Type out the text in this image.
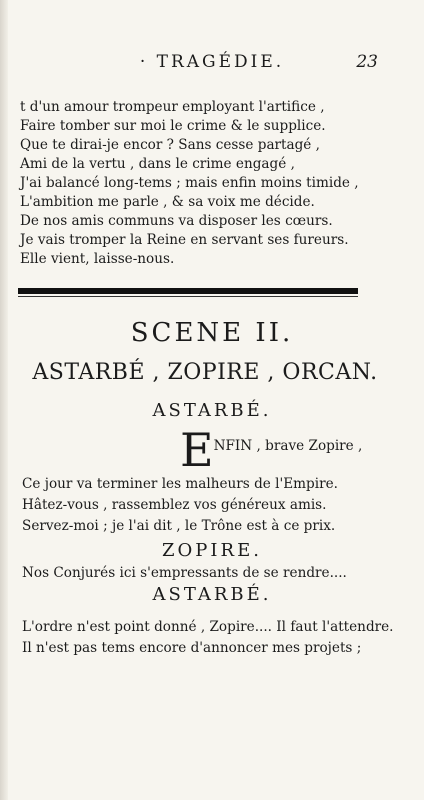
· TRAGÉDIE.	23
t d'un amour trompeur employant l'artifice ,
Faire tomber sur moi le crime & le supplice.
Que te dirai-je encor ? Sans cesse partagé ,
Ami de la vertu , dans le crime engagé ,
J'ai balancé long-tems ; mais enfin moins timide ,
L'ambition me parle , & sa voix me décide.
De nos amis communs va disposer les cœurs.
Je vais tromper la Reine en servant ses fureurs.
Elle vient, laisse-nous.
SCENE II.
ASTARBÉ , ZOPIRE , ORCAN.
ASTARBÉ.
ENFIN , brave Zopire ,
Ce jour va terminer les malheurs de l'Empire.
Hâtez-vous , rassemblez vos généreux amis.
Servez-moi ; je l'ai dit , le Trône est à ce prix.
ZOPIRE.
Nos Conjurés ici s'empressants de se rendre....
ASTARBÉ.
L'ordre n'est point donné , Zopire.... Il faut l'attendre.
Il n'est pas tems encore d'annoncer mes projets ;
